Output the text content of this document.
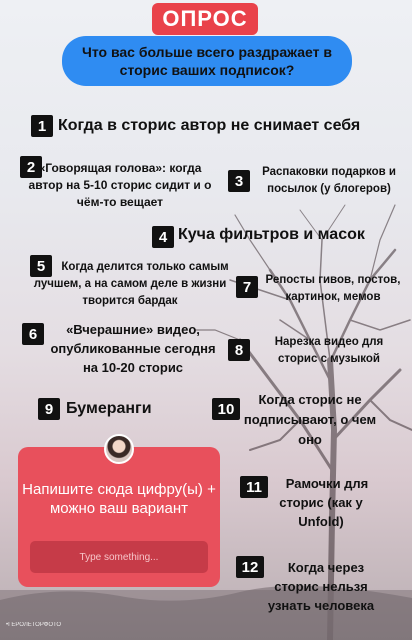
ОПРОС
Что вас больше всего раздражает в сторис ваших подписок?
1 Когда в сторис автор не снимает себя
2 «Говорящая голова»: когда автор на 5-10 сторис сидит и о чём-то вещает
3
Распаковки подарков и посылок (у блогеров)
4 Куча фильтров и масок
5	Когда делится только самым лучшем, а на самом деле в жизни творится бардак
6	«Вчерашние» видео, опубликованные сегодня на 10-20 сторис
7	Репосты гивов, постов, картинок, мемов
8	Нарезка видео для сторис с музыкой
9 Бумеранги	10
Когда сторис не подписывают, о чем оно
11	Рамочки для сторис (как у Unfold)
12	Когда через сторис нельзя узнать человека
Напишите сюда цифру(ы) + можно ваш вариант
Type something...
•ГЕРОЛЕТОРФОТО
